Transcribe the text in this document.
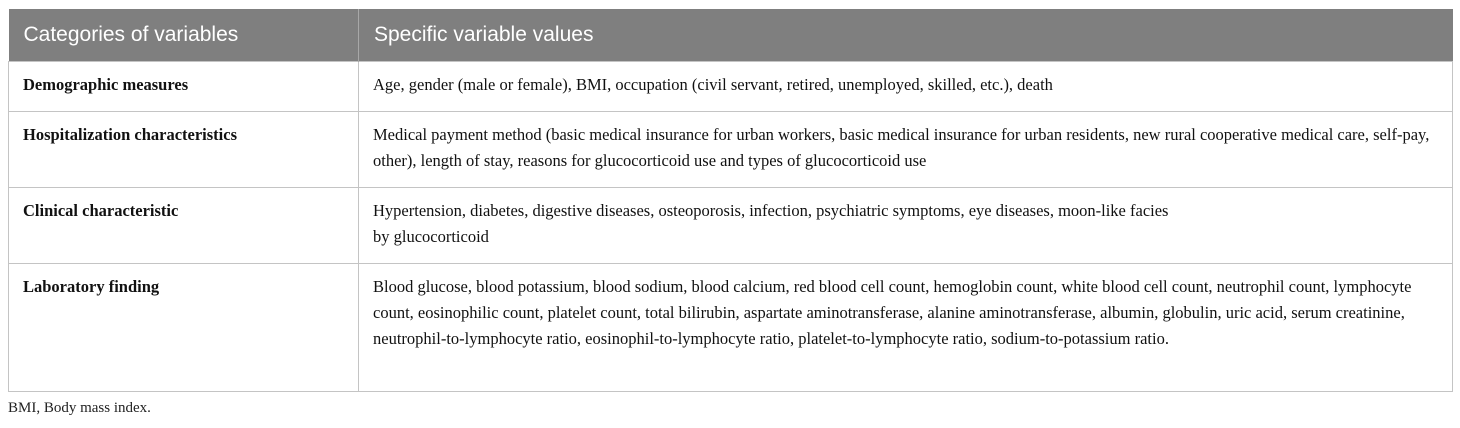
Categories of variables	Specific variable values
Demographic measures	Age, gender (male or female), BMI, occupation (civil servant, retired, unemployed, skilled, etc.), death
Hospitalization characteristics	Medical payment method (basic medical insurance for urban workers, basic medical insurance for urban residents, new rural cooperative medical care, self-pay, other), length of stay, reasons for glucocorticoid use and types of glucocorticoid use
Clinical characteristic	Hypertension, diabetes, digestive diseases, osteoporosis, infection, psychiatric symptoms, eye diseases, moon-like facies
by glucocorticoid
Laboratory finding	Blood glucose, blood potassium, blood sodium, blood calcium, red blood cell count, hemoglobin count, white blood cell count, neutrophil count, lymphocyte count, eosinophilic count, platelet count, total bilirubin, aspartate aminotransferase, alanine aminotransferase, albumin, globulin, uric acid, serum creatinine, neutrophil-to-lymphocyte ratio, eosinophil-to-lymphocyte ratio, platelet-to-lymphocyte ratio, sodium-to-potassium ratio.
BMI, Body mass index.
